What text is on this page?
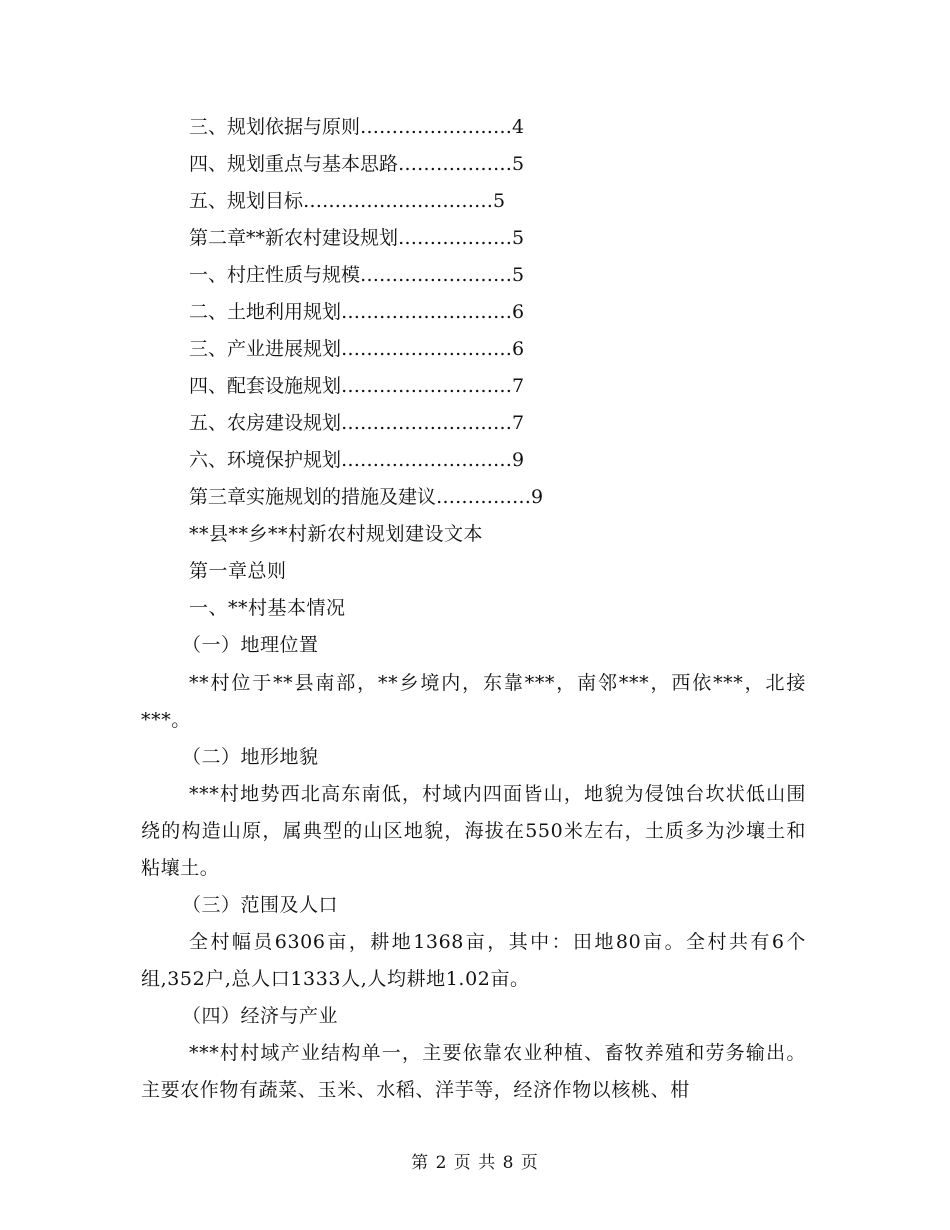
三、规划依据与原则……………………4
四、规划重点与基本思路………………5
五、规划目标…………………………5
第二章**新农村建设规划………………5
一、村庄性质与规模……………………5
二、土地利用规划………………………6
三、产业进展规划………………………6
四、配套设施规划………………………7
五、农房建设规划………………………7
六、环境保护规划………………………9
第三章实施规划的措施及建议……………9
**县**乡**村新农村规划建设文本
第一章总则
一、**村基本情况
（一）地理位置
**村位于**县南部，**乡境内，东靠***，南邻***，西依***，北接***。
（二）地形地貌
***村地势西北高东南低，村域内四面皆山，地貌为侵蚀台坎状低山围绕的构造山原，属典型的山区地貌，海拔在550米左右，土质多为沙壤土和粘壤土。
（三）范围及人口
全村幅员6306亩，耕地1368亩，其中：田地80亩。全村共有6个组,352户,总人口1333人,人均耕地1.02亩。
（四）经济与产业
***村村域产业结构单一，主要依靠农业种植、畜牧养殖和劳务输出。主要农作物有蔬菜、玉米、水稻、洋芋等，经济作物以核桃、柑
第 2 页 共 8 页
